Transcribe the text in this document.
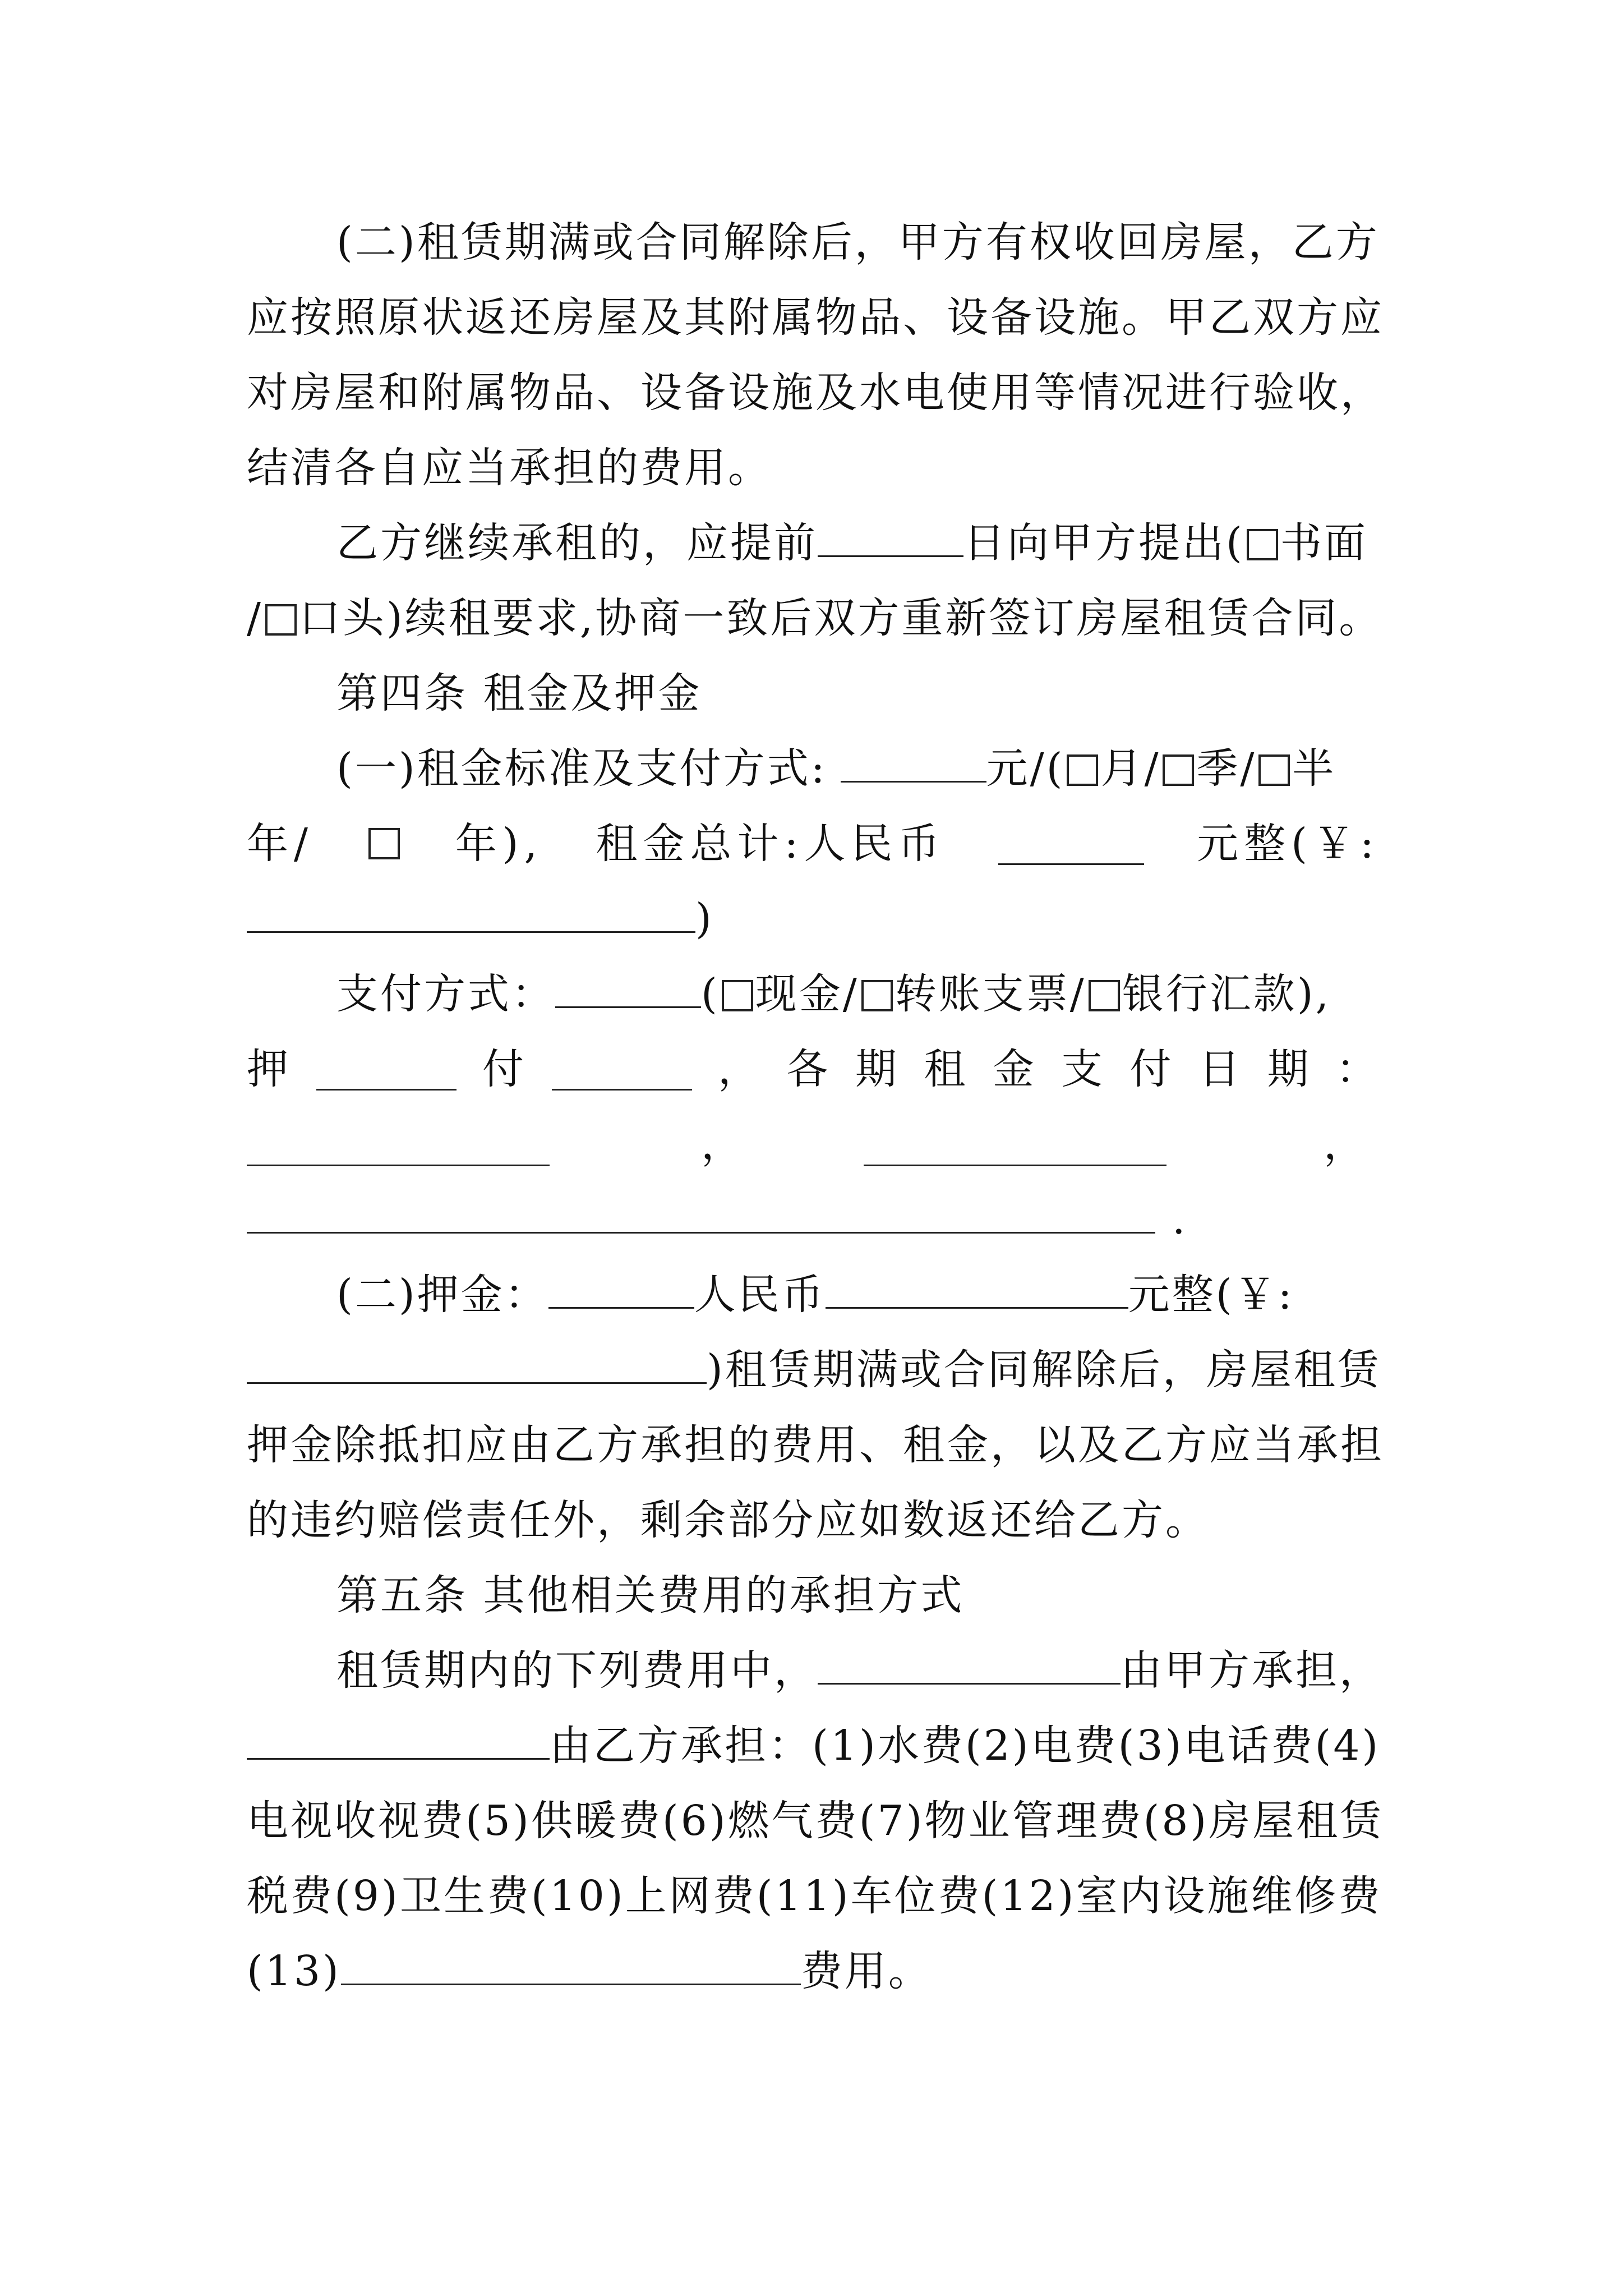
(二)租赁期满或合同解除后，甲方有权收回房屋，乙方
应按照原状返还房屋及其附属物品、设备设施。甲乙双方应
对房屋和附属物品、设备设施及水电使用等情况进行验收，
结清各自应当承担的费用。
乙方继续承租的，应提前	日向甲方提出( 书面
/ 口头)续租要求,协商一致后双方重新签订房屋租赁合同。
第四条 租金及押金
(一)租金标准及支付方式:	元/( 月/ 季/ 半
年/	年), 租金总计:人民币	元整(￥:
)
支付方式：	( 现金/ 转账支票/ 银行汇款),
押	付	， 各 期 租 金 支 付 日 期 ：
，	，
.
(二)押金：	人民币	元整(￥:
)租赁期满或合同解除后，房屋租赁
押金除抵扣应由乙方承担的费用、租金，以及乙方应当承担
的违约赔偿责任外，剩余部分应如数返还给乙方。
第五条 其他相关费用的承担方式
租赁期内的下列费用中，	由甲方承担，
由乙方承担：(1)水费(2)电费(3)电话费(4)
电视收视费(5)供暖费(6)燃气费(7)物业管理费(8)房屋租赁
税费(9)卫生费(10)上网费(11)车位费(12)室内设施维修费
(13)	费用。
